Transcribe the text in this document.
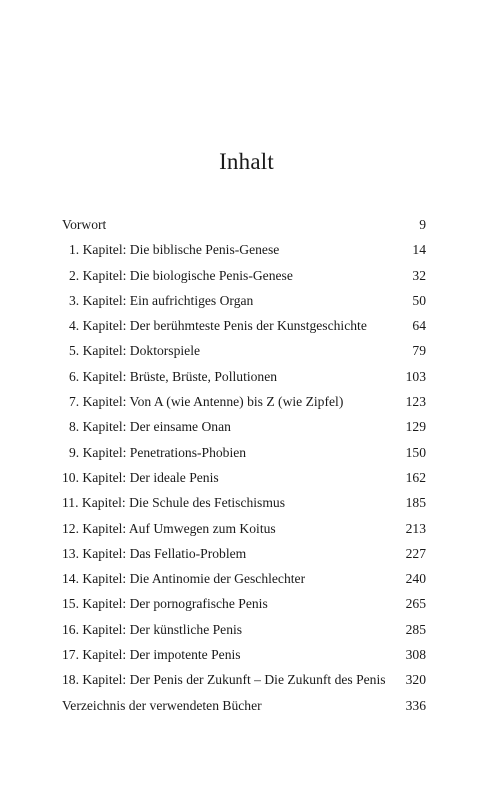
Inhalt
Vorwort	9
1. Kapitel: Die biblische Penis-Genese	14
2. Kapitel: Die biologische Penis-Genese	32
3. Kapitel: Ein aufrichtiges Organ	50
4. Kapitel: Der berühmteste Penis der Kunstgeschichte	64
5. Kapitel: Doktorspiele	79
6. Kapitel: Brüste, Brüste, Pollutionen	103
7. Kapitel: Von A (wie Antenne) bis Z (wie Zipfel)	123
8. Kapitel: Der einsame Onan	129
9. Kapitel: Penetrations-Phobien	150
10. Kapitel: Der ideale Penis	162
11. Kapitel: Die Schule des Fetischismus	185
12. Kapitel: Auf Umwegen zum Koitus	213
13. Kapitel: Das Fellatio-Problem	227
14. Kapitel: Die Antinomie der Geschlechter	240
15. Kapitel: Der pornografische Penis	265
16. Kapitel: Der künstliche Penis	285
17. Kapitel: Der impotente Penis	308
18. Kapitel: Der Penis der Zukunft – Die Zukunft des Penis	320
Verzeichnis der verwendeten Bücher	336
